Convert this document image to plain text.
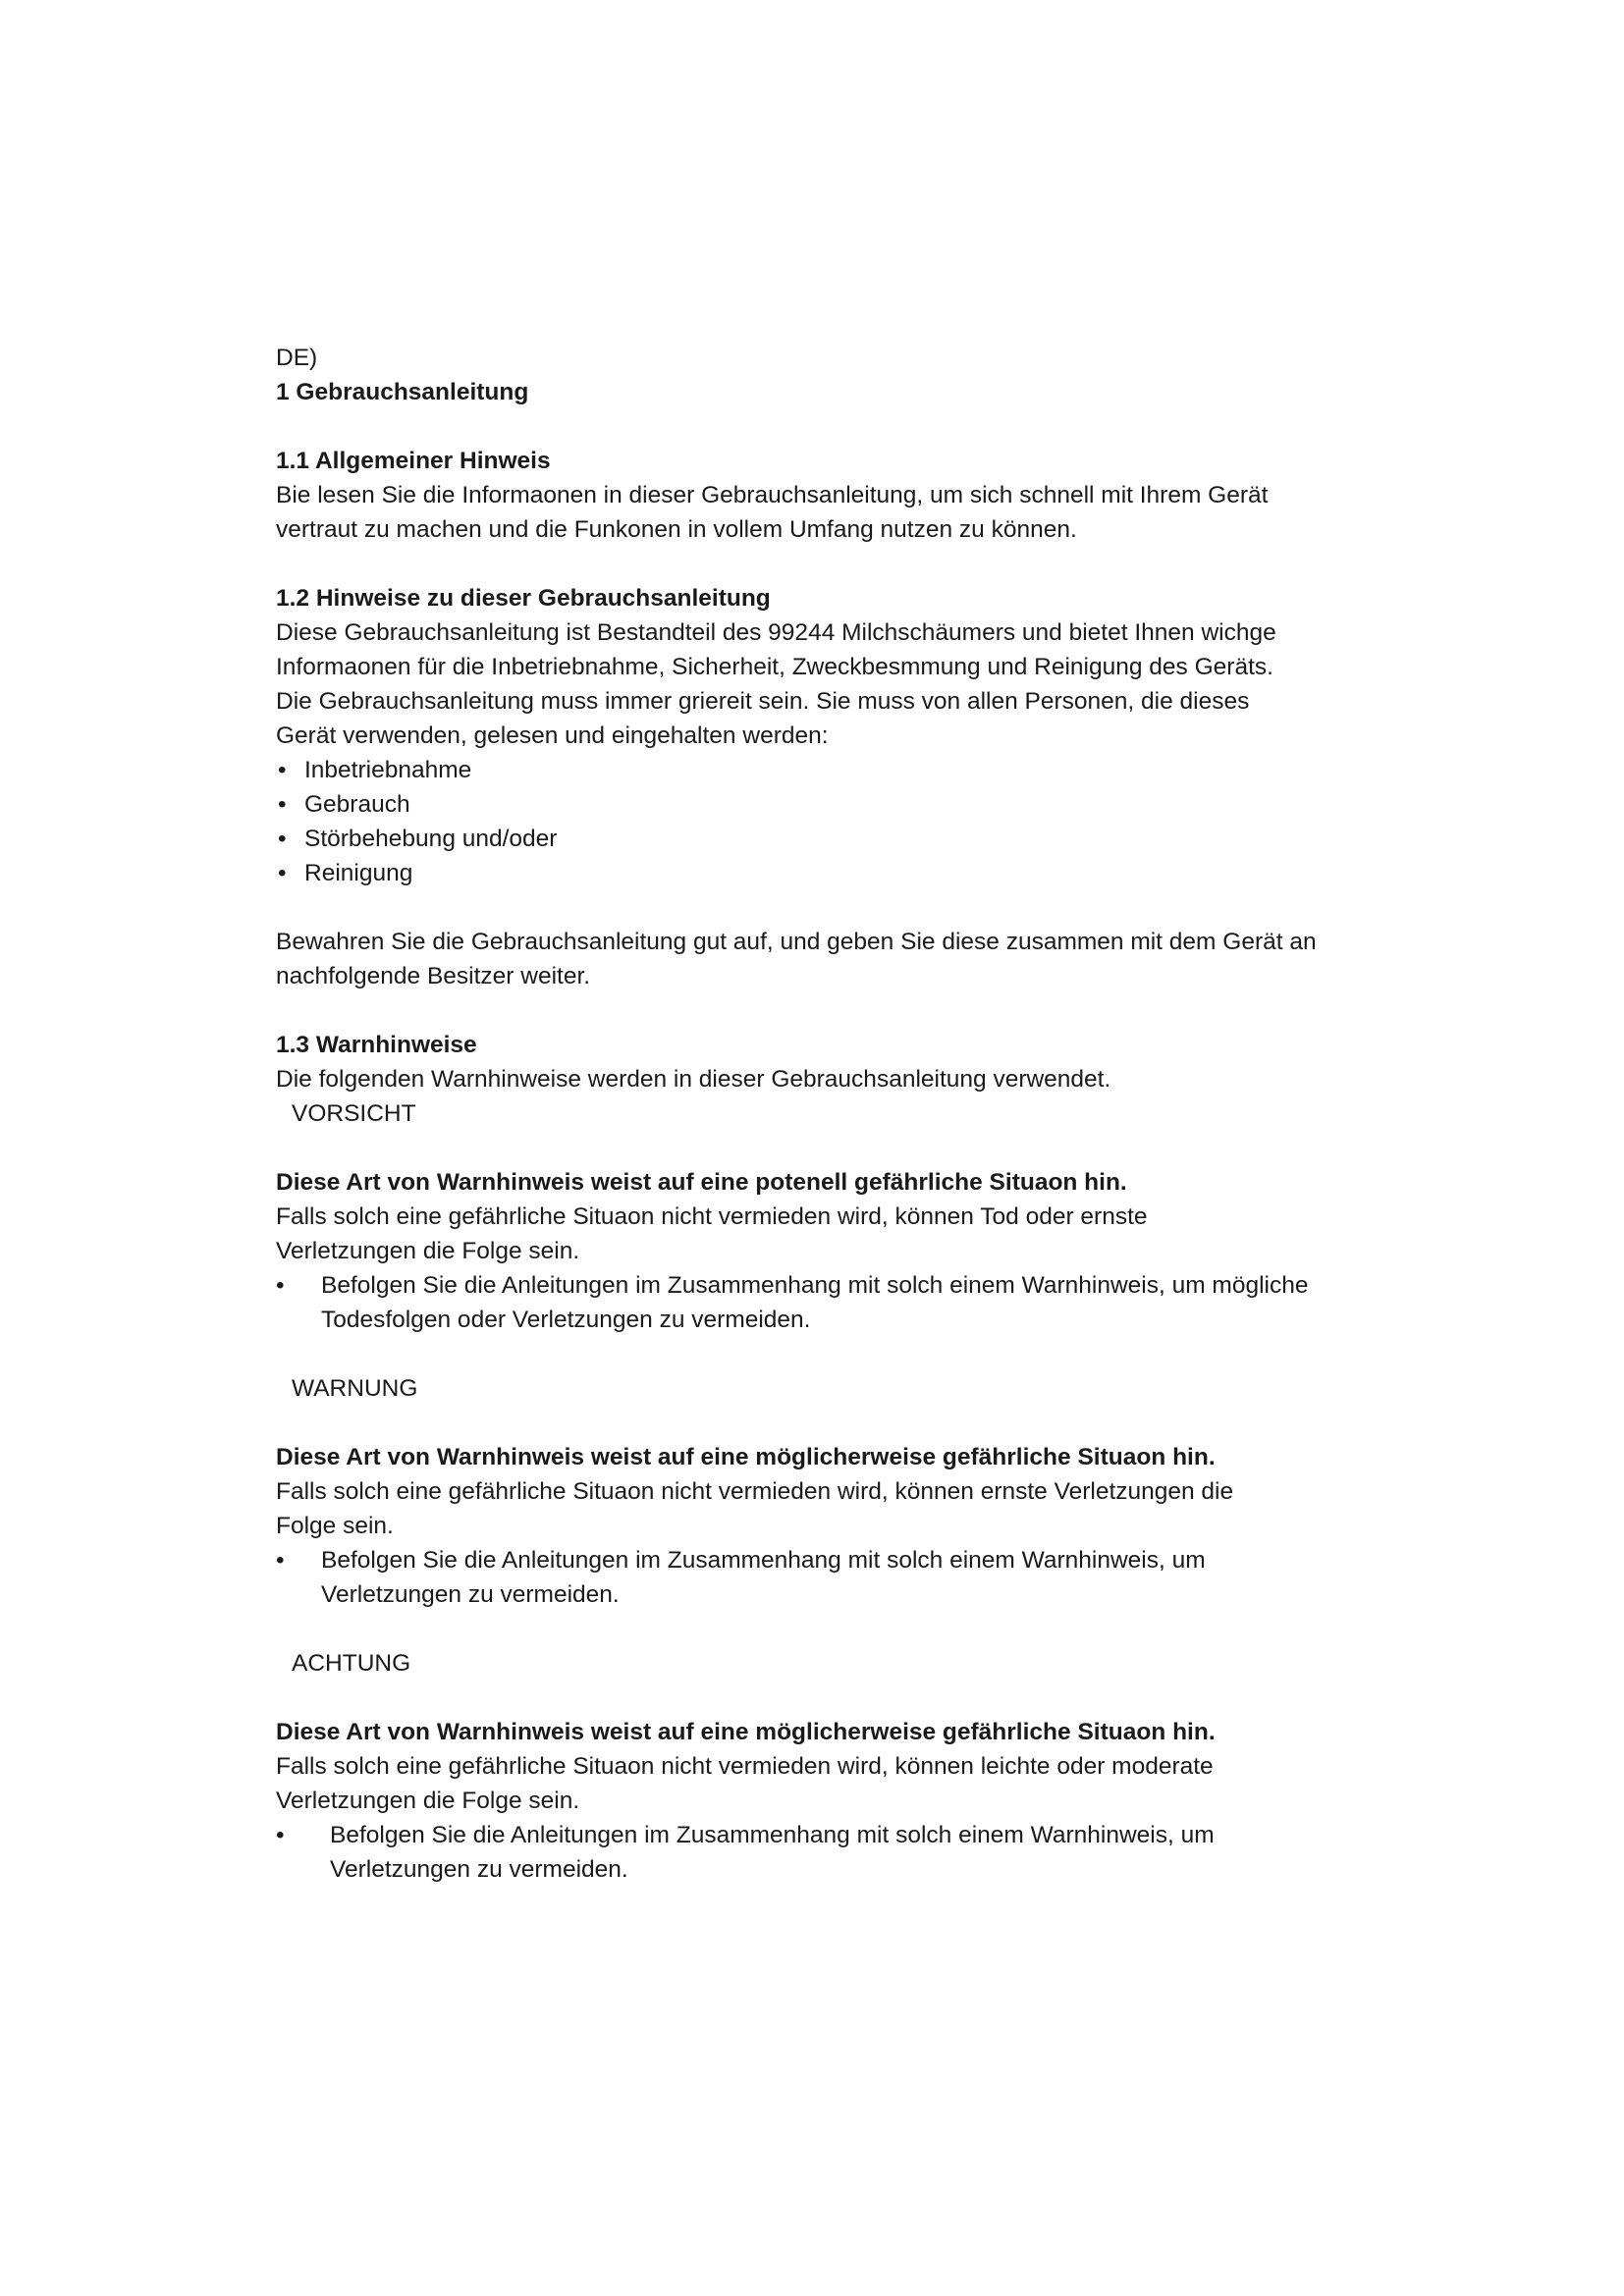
DE)

1 Gebrauchsanleitung

1.1 Allgemeiner Hinweis

Bie lesen Sie die Informaonen in dieser Gebrauchsanleitung, um sich schnell mit Ihrem Gerät

vertraut zu machen und die Funkonen in vollem Umfang nutzen zu können.

1.2 Hinweise zu dieser Gebrauchsanleitung

Diese Gebrauchsanleitung ist Bestandteil des 99244 Milchschäumers und bietet Ihnen wichge

Informaonen für die Inbetriebnahme, Sicherheit, Zweckbesmmung und Reinigung des Geräts.

Die Gebrauchsanleitung muss immer griereit sein. Sie muss von allen Personen, die dieses

Gerät verwenden, gelesen und eingehalten werden:

• Inbetriebnahme
• Gebrauch
• Störbehebung und/oder
• Reinigung

Bewahren Sie die Gebrauchsanleitung gut auf, und geben Sie diese zusammen mit dem Gerät an

nachfolgende Besitzer weiter.

1.3 Warnhinweise

Die folgenden Warnhinweise werden in dieser Gebrauchsanleitung verwendet.

VORSICHT

Diese Art von Warnhinweis weist auf eine potenell gefährliche Situaon hin.

Falls solch eine gefährliche Situaon nicht vermieden wird, können Tod oder ernste

Verletzungen die Folge sein.

• Befolgen Sie die Anleitungen im Zusammenhang mit solch einem Warnhinweis, um mögliche

Todesfolgen oder Verletzungen zu vermeiden.

WARNUNG

Diese Art von Warnhinweis weist auf eine möglicherweise gefährliche Situaon hin.

Falls solch eine gefährliche Situaon nicht vermieden wird, können ernste Verletzungen die

Folge sein.

• Befolgen Sie die Anleitungen im Zusammenhang mit solch einem Warnhinweis, um

Verletzungen zu vermeiden.

ACHTUNG

Diese Art von Warnhinweis weist auf eine möglicherweise gefährliche Situaon hin.

Falls solch eine gefährliche Situaon nicht vermieden wird, können leichte oder moderate

Verletzungen die Folge sein.

• Befolgen Sie die Anleitungen im Zusammenhang mit solch einem Warnhinweis, um

Verletzungen zu vermeiden.
